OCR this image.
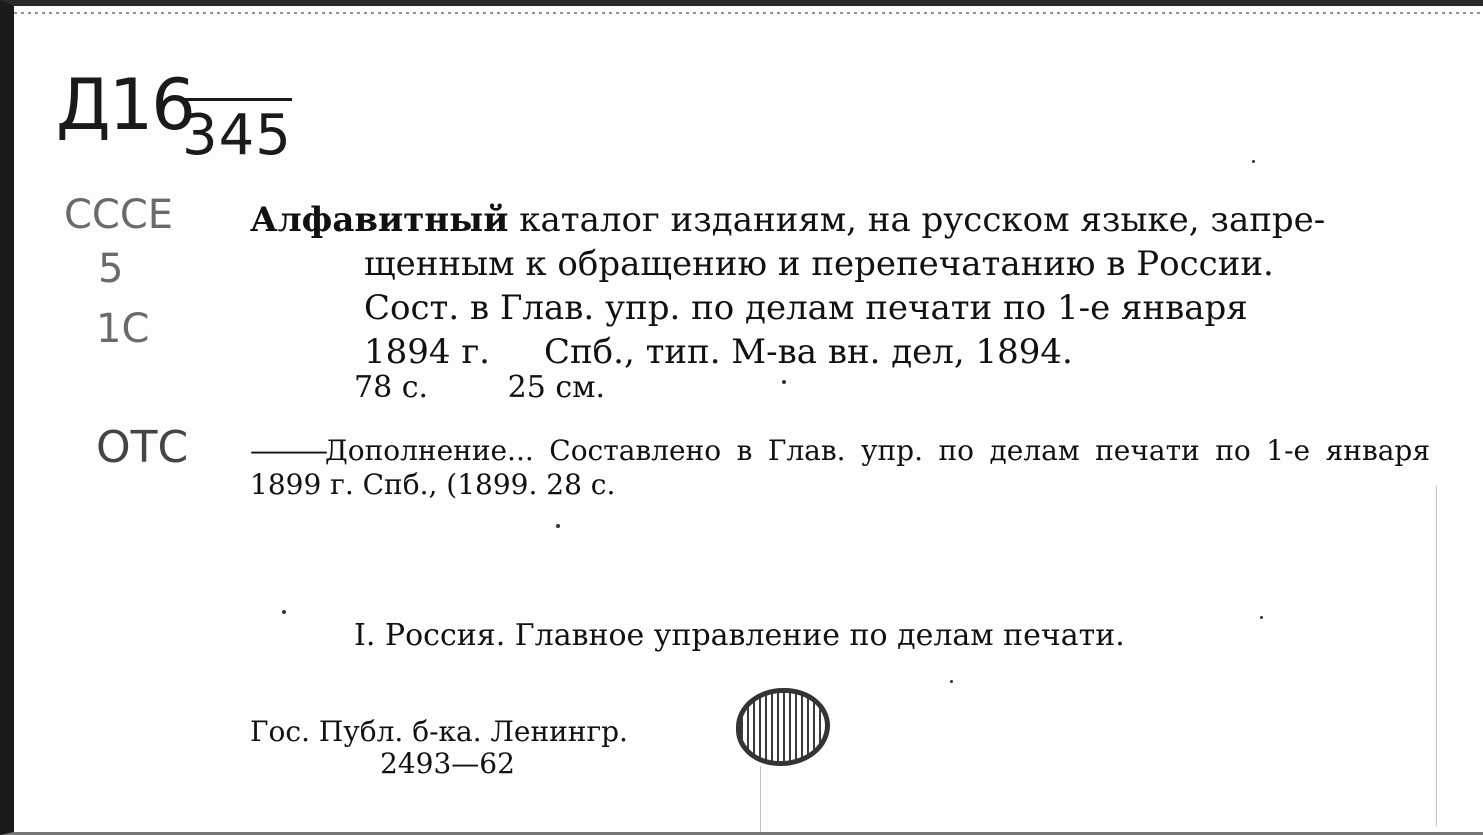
Д16
345
СССЕ
5
1С
ОТС
Алфавитный каталог изданиям, на русском языке, запре-
щенным к обращению и перепечатанию в России.
Сост. в Глав. упр. по делам печати по 1-е января
1894 г.     Спб., тип. М-ва вн. дел, 1894.
78 с.	25 см.
———Дополнение... Составлено в Глав. упр. по делам печати по 1-е января 1899 г. Спб., (1899. 28 с.
I. Россия. Главное управление по делам печати.
Гос. Публ. б-ка. Ленингр.
2493—62
